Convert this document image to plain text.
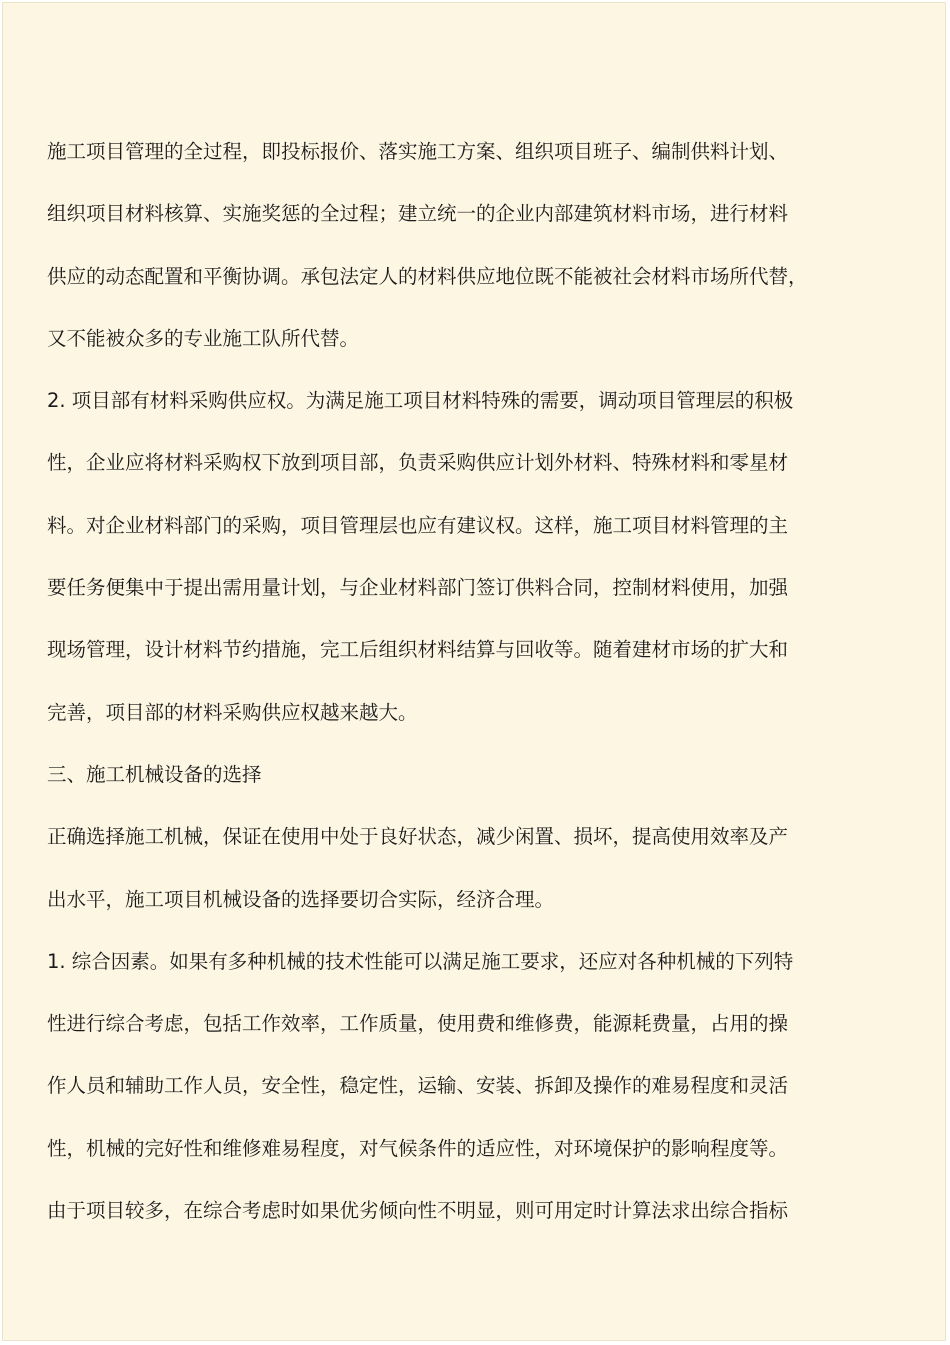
施工项目管理的全过程，即投标报价、落实施工方案、组织项目班子、编制供料计划、
组织项目材料核算、实施奖惩的全过程；建立统一的企业内部建筑材料市场，进行材料
供应的动态配置和平衡协调。承包法定人的材料供应地位既不能被社会材料市场所代替，
又不能被众多的专业施工队所代替。
2. 项目部有材料采购供应权。为满足施工项目材料特殊的需要，调动项目管理层的积极
性，企业应将材料采购权下放到项目部，负责采购供应计划外材料、特殊材料和零星材
料。对企业材料部门的采购，项目管理层也应有建议权。这样，施工项目材料管理的主
要任务便集中于提出需用量计划，与企业材料部门签订供料合同，控制材料使用，加强
现场管理，设计材料节约措施，完工后组织材料结算与回收等。随着建材市场的扩大和
完善，项目部的材料采购供应权越来越大。
三、施工机械设备的选择
正确选择施工机械，保证在使用中处于良好状态，减少闲置、损坏，提高使用效率及产
出水平，施工项目机械设备的选择要切合实际，经济合理。
1. 综合因素。如果有多种机械的技术性能可以满足施工要求，还应对各种机械的下列特
性进行综合考虑，包括工作效率，工作质量，使用费和维修费，能源耗费量，占用的操
作人员和辅助工作人员，安全性，稳定性，运输、安装、拆卸及操作的难易程度和灵活
性，机械的完好性和维修难易程度，对气候条件的适应性，对环境保护的影响程度等。
由于项目较多，在综合考虑时如果优劣倾向性不明显，则可用定时计算法求出综合指标
